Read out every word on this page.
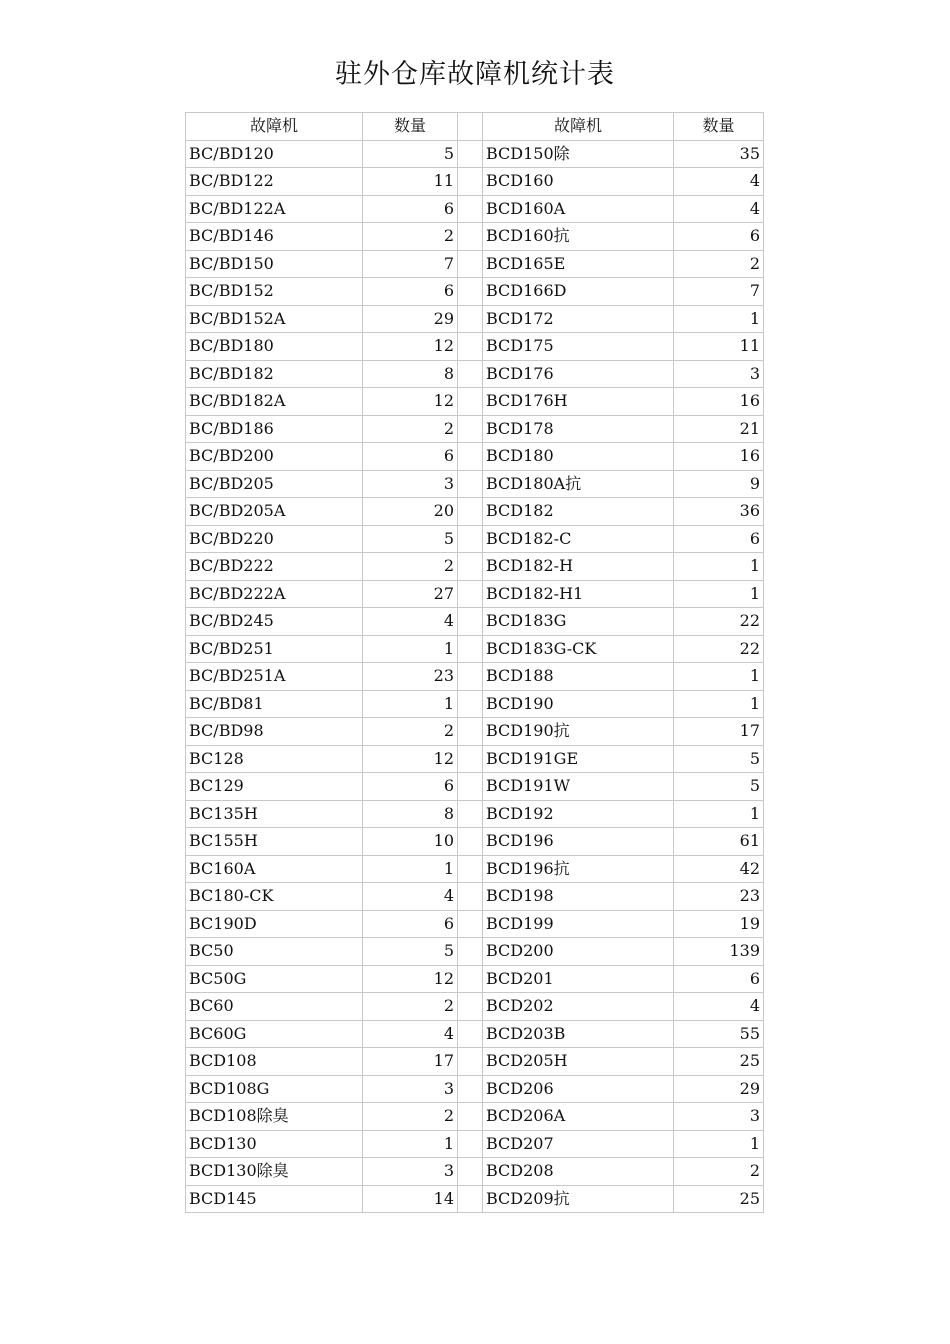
驻外仓库故障机统计表
故障机	数量		故障机	数量
BC/BD120	5		BCD150除	35
BC/BD122	11		BCD160	4
BC/BD122A	6		BCD160A	4
BC/BD146	2		BCD160抗	6
BC/BD150	7		BCD165E	2
BC/BD152	6		BCD166D	7
BC/BD152A	29		BCD172	1
BC/BD180	12		BCD175	11
BC/BD182	8		BCD176	3
BC/BD182A	12		BCD176H	16
BC/BD186	2		BCD178	21
BC/BD200	6		BCD180	16
BC/BD205	3		BCD180A抗	9
BC/BD205A	20		BCD182	36
BC/BD220	5		BCD182-C	6
BC/BD222	2		BCD182-H	1
BC/BD222A	27		BCD182-H1	1
BC/BD245	4		BCD183G	22
BC/BD251	1		BCD183G-CK	22
BC/BD251A	23		BCD188	1
BC/BD81	1		BCD190	1
BC/BD98	2		BCD190抗	17
BC128	12		BCD191GE	5
BC129	6		BCD191W	5
BC135H	8		BCD192	1
BC155H	10		BCD196	61
BC160A	1		BCD196抗	42
BC180-CK	4		BCD198	23
BC190D	6		BCD199	19
BC50	5		BCD200	139
BC50G	12		BCD201	6
BC60	2		BCD202	4
BC60G	4		BCD203B	55
BCD108	17		BCD205H	25
BCD108G	3		BCD206	29
BCD108除臭	2		BCD206A	3
BCD130	1		BCD207	1
BCD130除臭	3		BCD208	2
BCD145	14		BCD209抗	25
